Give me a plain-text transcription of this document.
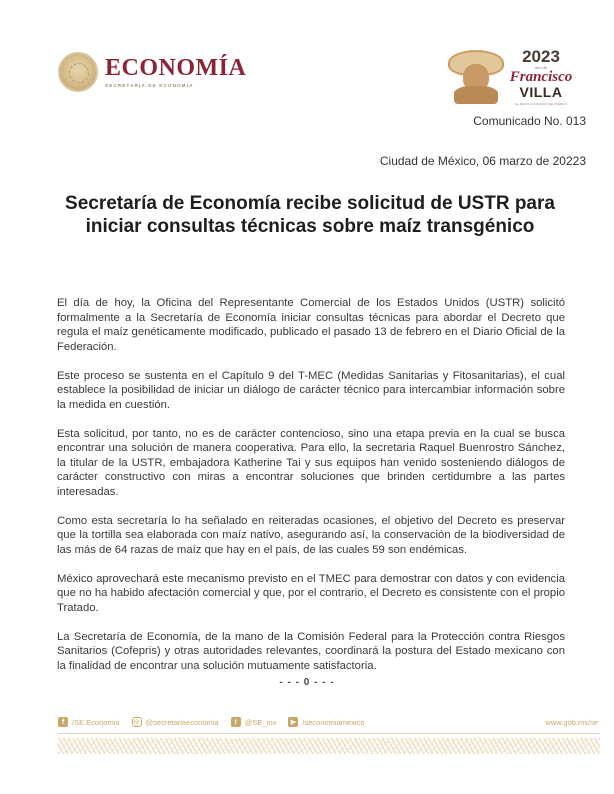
ECONOMÍA
SECRETARÍA DE ECONOMÍA
2023
año de
Francisco
VILLA
EL REVOLUCIONARIO DEL PUEBLO
Comunicado No. 013
Ciudad de México, 06 marzo de 20223
Secretaría de Economía recibe solicitud de USTR para iniciar consultas técnicas sobre maíz transgénico

El día de hoy, la Oficina del Representante Comercial de los Estados Unidos (USTR) solicitó formalmente a la Secretaría de Economía iniciar consultas técnicas para abordar el Decreto que regula el maíz genéticamente modificado, publicado el pasado 13 de febrero en el Diario Oficial de la Federación.

Este proceso se sustenta en el Capítulo 9 del T-MEC (Medidas Sanitarias y Fitosanitarias), el cual establece la posibilidad de iniciar un diálogo de carácter técnico para intercambiar información sobre la medida en cuestión.

Esta solicitud, por tanto, no es de carácter contencioso, sino una etapa previa en la cual se busca encontrar una solución de manera cooperativa. Para ello, la secretaria Raquel Buenrostro Sánchez, la titular de la USTR, embajadora Katherine Tai y sus equipos han venido sosteniendo diálogos de carácter constructivo con miras a encontrar soluciones que brinden certidumbre a las partes interesadas.

Como esta secretaría lo ha señalado en reiteradas ocasiones, el objetivo del Decreto es preservar que la tortilla sea elaborada con maíz nativo, asegurando así, la conservación de la biodiversidad de las más de 64 razas de maíz que hay en el país, de las cuales 59 son endémicas.

México aprovechará este mecanismo previsto en el TMEC para demostrar con datos y con evidencia que no ha habido afectación comercial y que, por el contrario, el Decreto es consistente con el propio Tratado.

La Secretaría de Economía, de la mano de la Comisión Federal para la Protección contra Riesgos Sanitarios (Cofepris) y otras autoridades relevantes, coordinará la postura del Estado mexicano con la finalidad de encontrar una solución mutuamente satisfactoria.

- - - 0 - - -
f	/SE.Economia ◎ @secretariaeconomia	t	@SE_mx	▶ /seconomiamexico	www.gob.mx/se
